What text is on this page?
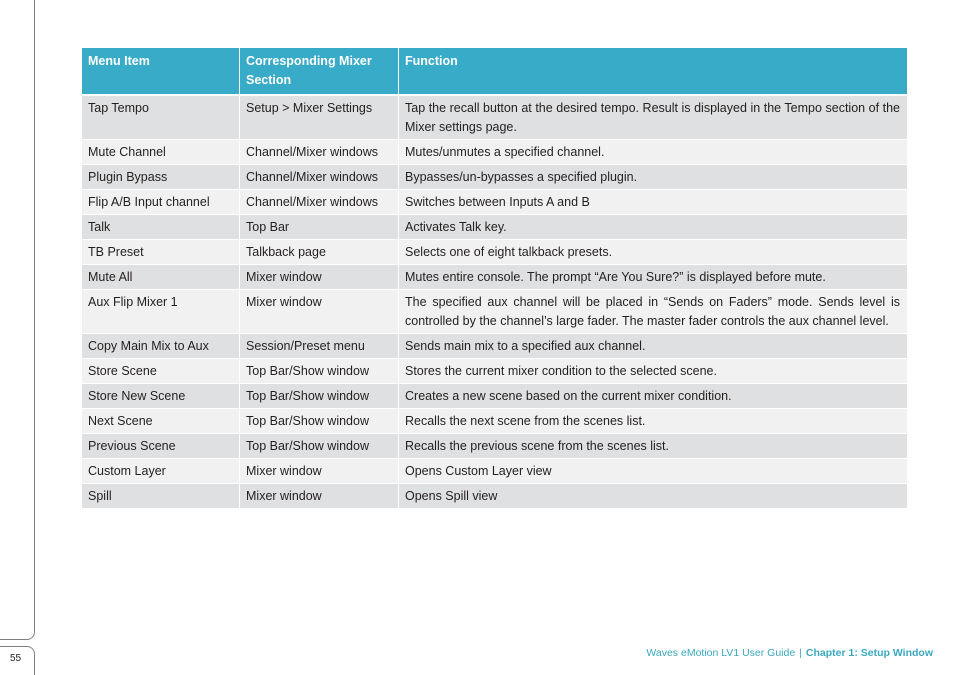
55
Menu Item	Corresponding Mixer Section	Function
Tap Tempo	Setup > Mixer Settings	Tap the recall button at the desired tempo. Result is displayed in the Tempo section of the Mixer settings page.
Mute Channel	Channel/Mixer windows	Mutes/unmutes a specified channel.
Plugin Bypass	Channel/Mixer windows	Bypasses/un-bypasses a specified plugin.
Flip A/B Input channel	Channel/Mixer windows	Switches between Inputs A and B
Talk	Top Bar	Activates Talk key.
TB Preset	Talkback page	Selects one of eight talkback presets.
Mute All	Mixer window	Mutes entire console. The prompt “Are You Sure?” is displayed before mute.
Aux Flip Mixer 1	Mixer window	The specified aux channel will be placed in “Sends on Faders” mode. Sends level is controlled by the channel’s large fader. The master fader controls the aux channel level.
Copy Main Mix to Aux	Session/Preset menu	Sends main mix to a specified aux channel.
Store Scene	Top Bar/Show window	Stores the current mixer condition to the selected scene.
Store New Scene	Top Bar/Show window	Creates a new scene based on the current mixer condition.
Next Scene	Top Bar/Show window	Recalls the next scene from the scenes list.
Previous Scene	Top Bar/Show window	Recalls the previous scene from the scenes list.
Custom Layer	Mixer window	Opens Custom Layer view
Spill	Mixer window	Opens Spill view
Waves eMotion LV1 User Guide | Chapter 1: Setup Window
